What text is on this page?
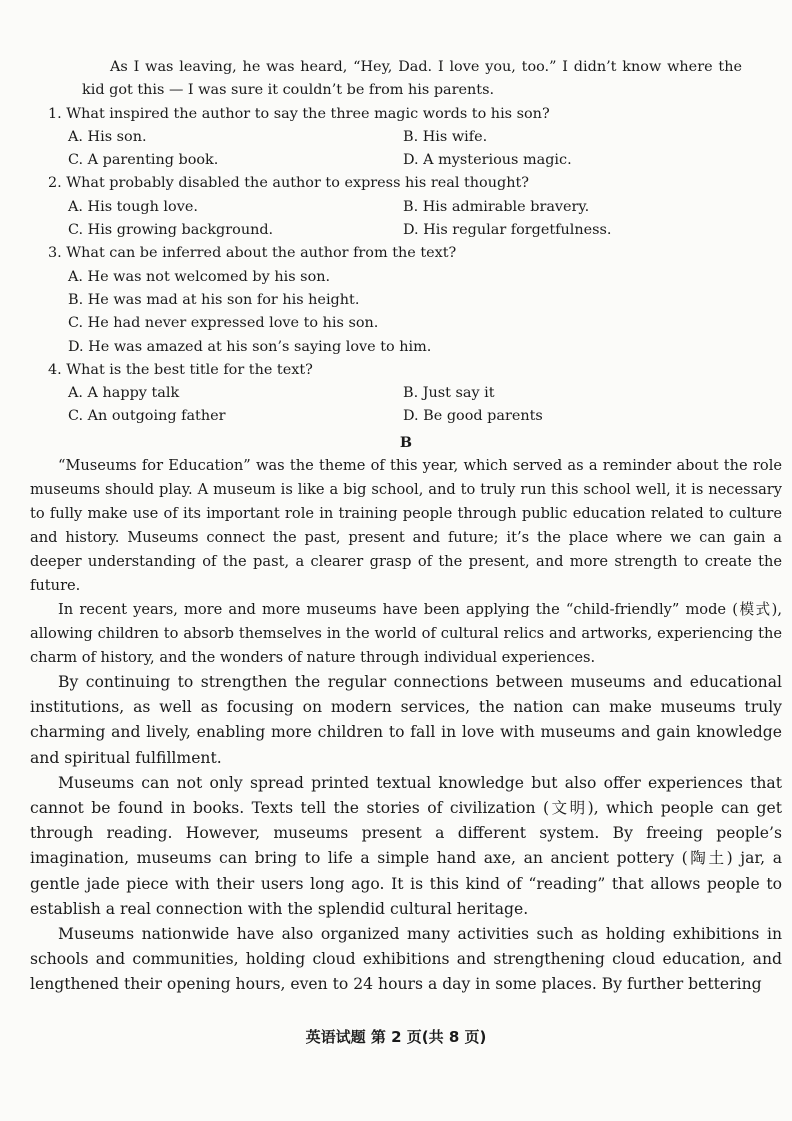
As I was leaving, he was heard, “Hey, Dad. I love you, too.” I didn’t know where the kid got this — I was sure it couldn’t be from his parents.

1. What inspired the author to say the three magic words to his son?

A. His son.	B. His wife.
C. A parenting book.	D. A mysterious magic.

2. What probably disabled the author to express his real thought?

A. His tough love.	B. His admirable bravery.
C. His growing background.	D. His regular forgetfulness.

3. What can be inferred about the author from the text?

A. He was not welcomed by his son.
B. He was mad at his son for his height.
C. He had never expressed love to his son.
D. He was amazed at his son’s saying love to him.

4. What is the best title for the text?

A. A happy talk	B. Just say it
C. An outgoing father	D. Be good parents

B

“Museums for Education” was the theme of this year, which served as a reminder about the role museums should play. A museum is like a big school, and to truly run this school well, it is necessary to fully make use of its important role in training people through public education related to culture and history. Museums connect the past, present and future; it’s the place where we can gain a deeper understanding of the past, a clearer grasp of the present, and more strength to create the future.

In recent years, more and more museums have been applying the “child-friendly” mode (模式), allowing children to absorb themselves in the world of cultural relics and artworks, experiencing the charm of history, and the wonders of nature through individual experiences.

By continuing to strengthen the regular connections between museums and educational institutions, as well as focusing on modern services, the nation can make museums truly charming and lively, enabling more children to fall in love with museums and gain knowledge and spiritual fulfillment.

Museums can not only spread printed textual knowledge but also offer experiences that cannot be found in books. Texts tell the stories of civilization (文明), which people can get through reading. However, museums present a different system. By freeing people’s imagination, museums can bring to life a simple hand axe, an ancient pottery (陶土) jar, a gentle jade piece with their users long ago. It is this kind of “reading” that allows people to establish a real connection with the splendid cultural heritage.

Museums nationwide have also organized many activities such as holding exhibitions in schools and communities, holding cloud exhibitions and strengthening cloud education, and lengthened their opening hours, even to 24 hours a day in some places. By further bettering

英语试题 第 2 页(共 8 页)
